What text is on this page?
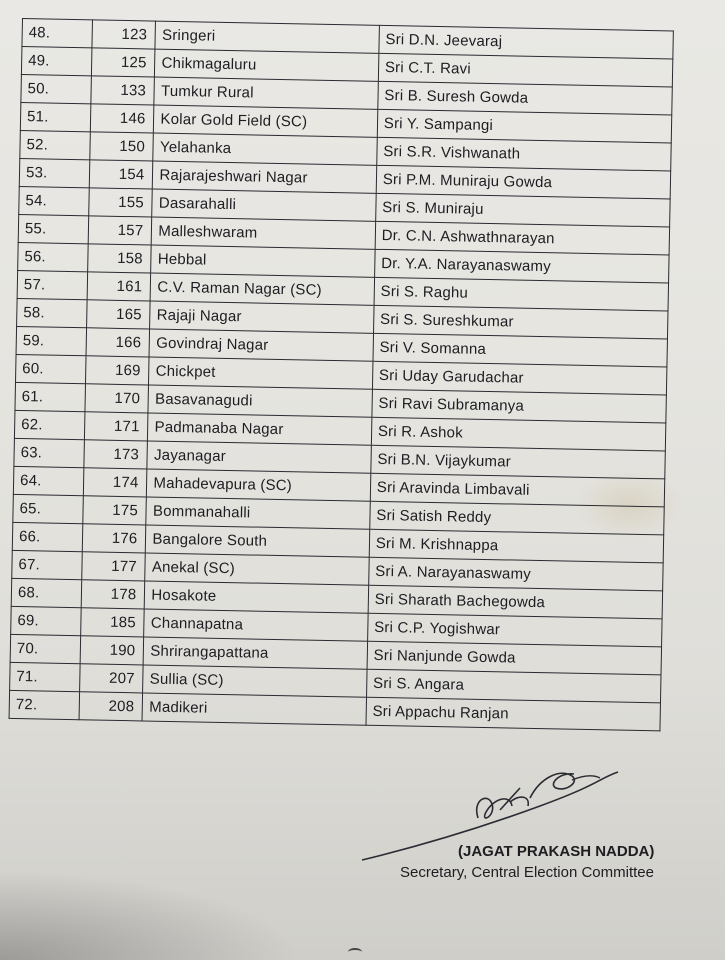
48.	123	Sringeri	Sri D.N. Jeevaraj
49.	125	Chikmagaluru	Sri C.T. Ravi
50.	133	Tumkur Rural	Sri B. Suresh Gowda
51.	146	Kolar Gold Field (SC)	Sri Y. Sampangi
52.	150	Yelahanka	Sri S.R. Vishwanath
53.	154	Rajarajeshwari Nagar	Sri P.M. Muniraju Gowda
54.	155	Dasarahalli	Sri S. Muniraju
55.	157	Malleshwaram	Dr. C.N. Ashwathnarayan
56.	158	Hebbal	Dr. Y.A. Narayanaswamy
57.	161	C.V. Raman Nagar (SC)	Sri S. Raghu
58.	165	Rajaji Nagar	Sri S. Sureshkumar
59.	166	Govindraj Nagar	Sri V. Somanna
60.	169	Chickpet	Sri Uday Garudachar
61.	170	Basavanagudi	Sri Ravi Subramanya
62.	171	Padmanaba Nagar	Sri R. Ashok
63.	173	Jayanagar	Sri B.N. Vijaykumar
64.	174	Mahadevapura (SC)	Sri Aravinda Limbavali
65.	175	Bommanahalli	Sri Satish Reddy
66.	176	Bangalore South	Sri M. Krishnappa
67.	177	Anekal (SC)	Sri A. Narayanaswamy
68.	178	Hosakote	Sri Sharath Bachegowda
69.	185	Channapatna	Sri C.P. Yogishwar
70.	190	Shrirangapattana	Sri Nanjunde Gowda
71.	207	Sullia (SC)	Sri S. Angara
72.	208	Madikeri	Sri Appachu Ranjan
(JAGAT PRAKASH NADDA)
Secretary, Central Election Committee
